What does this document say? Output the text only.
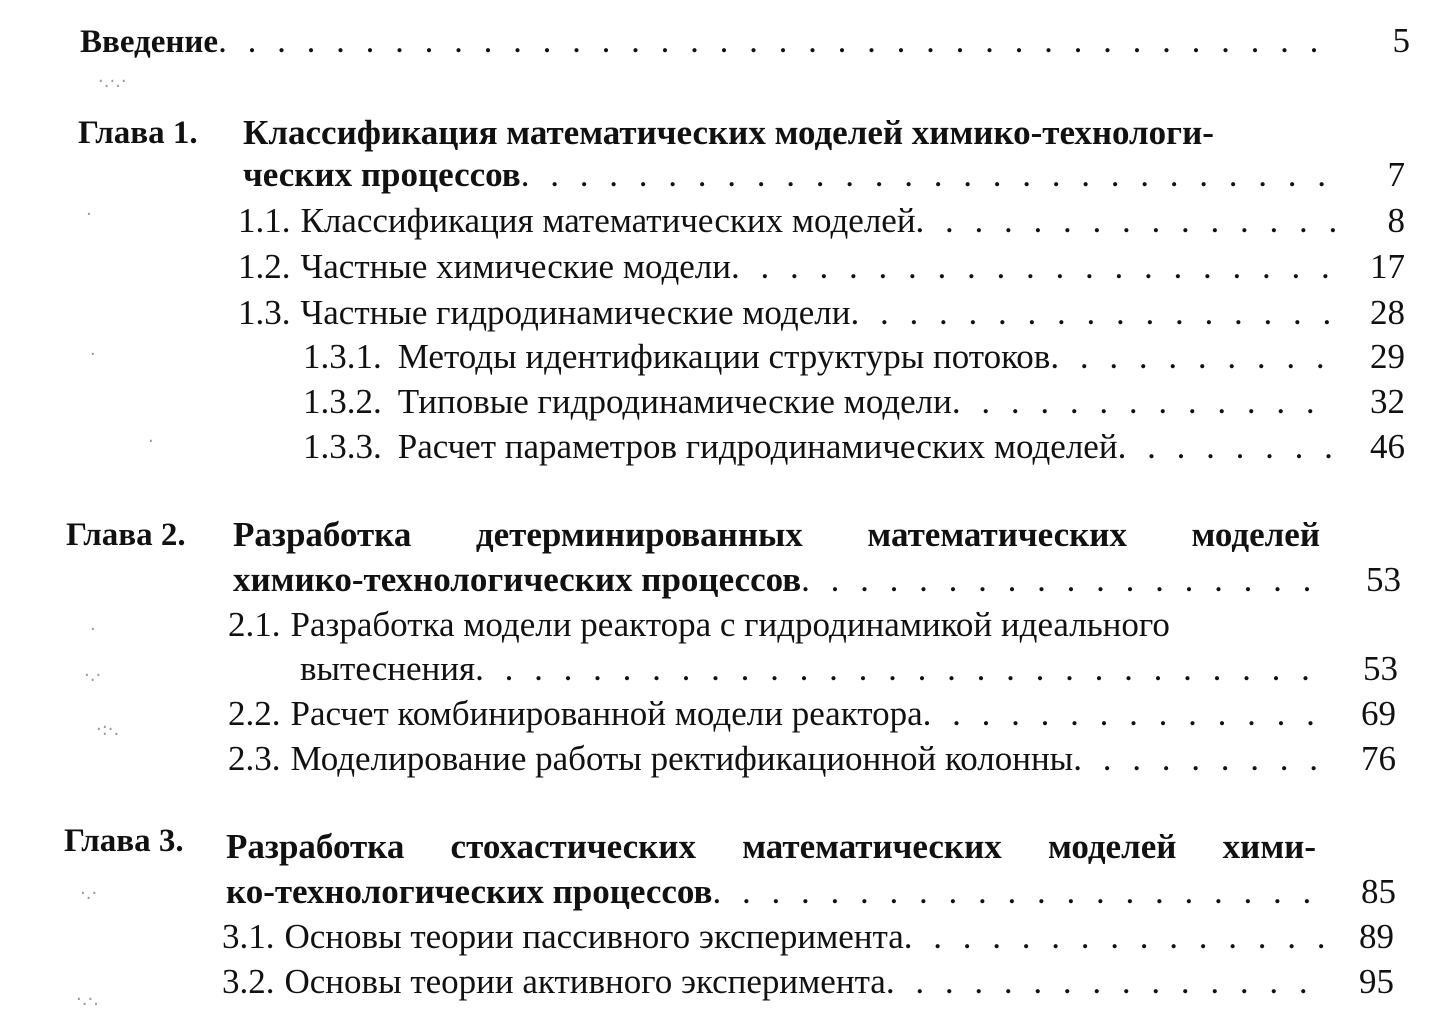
Введение . . .	5
Глава 1. Классификация математических моделей химико-технологи-
ческих процессов . . .	7
1.1. Классификация математических моделей . . .	8
1.2. Частные химические модели . . .	17
1.3. Частные гидродинамические модели . . .	28
1.3.1. Методы идентификации структуры потоков . . .	29
1.3.2. Типовые гидродинамические модели . . .	32
1.3.3. Расчет параметров гидродинамических моделей . . .	46
Глава 2. Разработка детерминированных математических моделей
химико-технологических процессов . . .	53
2.1. Разработка модели реактора с гидродинамикой идеального
вытеснения . . .	53
2.2. Расчет комбинированной модели реактора . . .	69
2.3. Моделирование работы ректификационной колонны . . .	76
Глава 3. Разработка стохастических математических моделей хими-
ко-технологических процессов . . .	85
3.1. Основы теории пассивного эксперимента . . .	89
3.2. Основы теории активного эксперимента . . .	95
·.·.·
·
·
·
·
·.·
·:·.
·.·
·.·.
